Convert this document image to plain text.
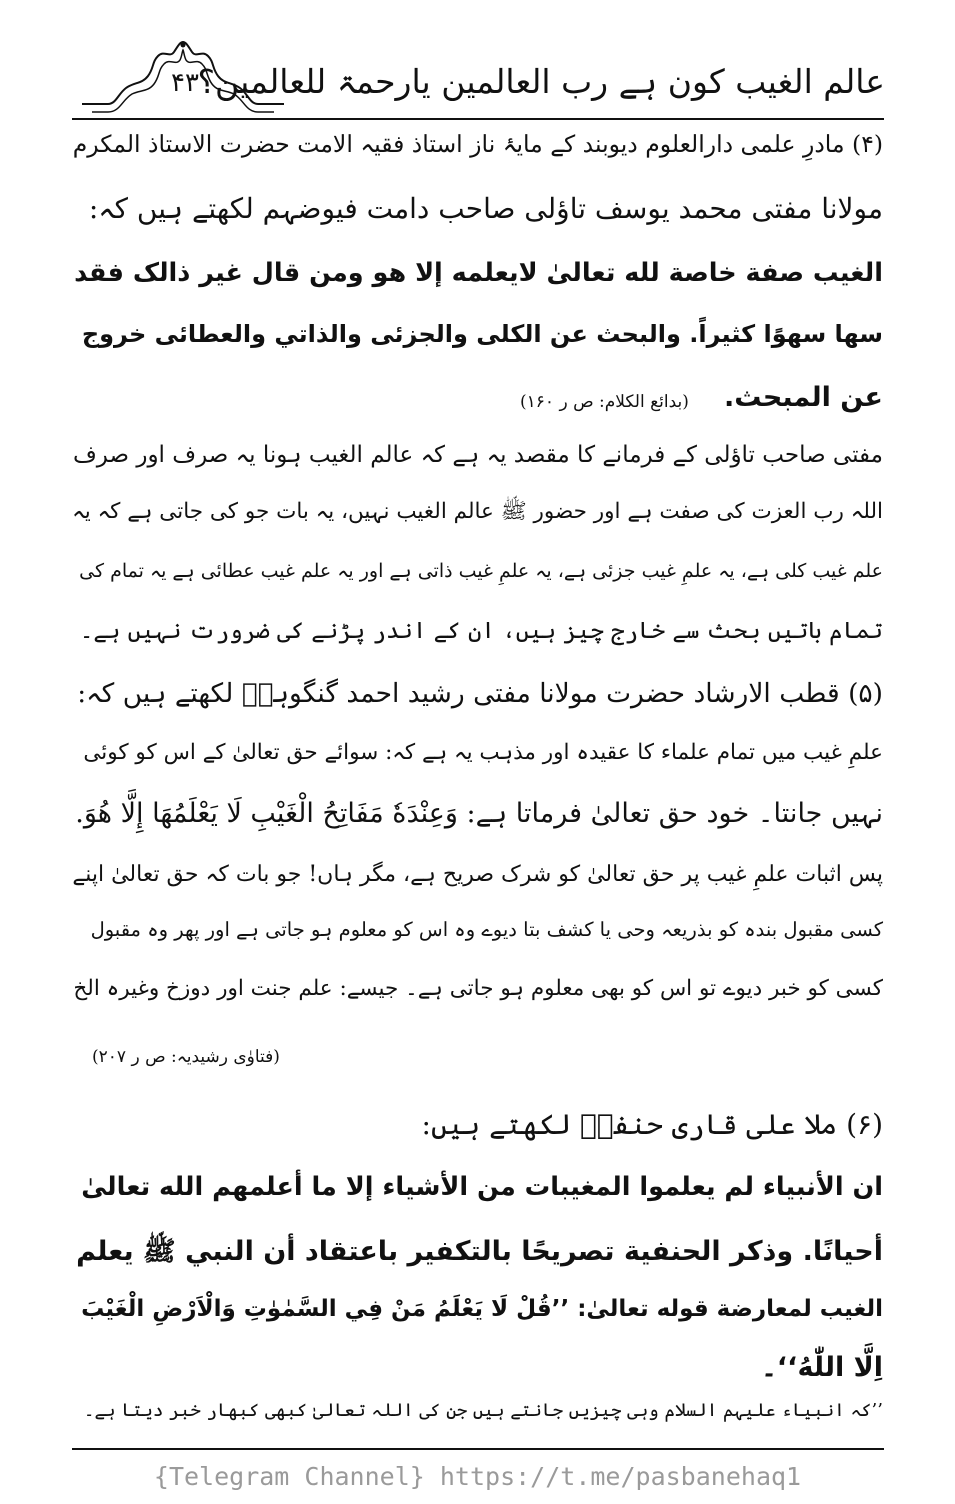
۴۳
عالم الغیب کون ہے رب العالمین یارحمۃ للعالمین؟
(۴) مادرِ علمی دارالعلوم دیوبند کے مایۂ ناز استاذ فقیہ الامت حضرت الاستاذ المکرم
مولانا مفتی محمد یوسف تاؤلی صاحب دامت فیوضہم لکھتے ہیں کہ:
الغیب صفة خاصة لله تعالیٰ لایعلمه إلا هو ومن قال غیر ذالک فقد
سها سهوًا کثیراً. والبحث عن الکلی والجزئی والذاتي والعطائی خروج
عن المبحث.
(بدائع الکلام: ص ر ۱۶۰)
مفتی صاحب تاؤلی کے فرمانے کا مقصد یہ ہے کہ عالم الغیب ہونا یہ صرف اور صرف
اللہ رب العزت کی صفت ہے اور حضور ﷺ عالم الغیب نہیں، یہ بات جو کی جاتی ہے کہ یہ
علم غیب کلی ہے، یہ علمِ غیب جزئی ہے، یہ علمِ غیب ذاتی ہے اور یہ علم غیب عطائی ہے یہ تمام کی
تمام باتیں بحث سے خارج چیز ہیں، ان کے اندر پڑنے کی ضرورت نہیں ہے۔
(۵) قطب الارشاد حضرت مولانا مفتی رشید احمد گنگوہیؒ لکھتے ہیں کہ:
علمِ غیب میں تمام علماء کا عقیدہ اور مذہب یہ ہے کہ: سوائے حق تعالیٰ کے اس کو کوئی
نہیں جانتا۔ خود حق تعالیٰ فرماتا ہے: وَعِنْدَهٗ مَفَاتِحُ الْغَيْبِ لَا يَعْلَمُهَا إِلَّا هُوَ.
پس اثبات علمِ غیب پر حق تعالیٰ کو شرک صریح ہے، مگر ہاں! جو بات کہ حق تعالیٰ اپنے
کسی مقبول بندہ کو بذریعہ وحی یا کشف بتا دیوے وہ اس کو معلوم ہو جاتی ہے اور پھر وہ مقبول
کسی کو خبر دیوے تو اس کو بھی معلوم ہو جاتی ہے۔ جیسے: علم جنت اور دوزخ وغیرہ الخ
(فتاوٰی رشیدیہ: ص ر ۲۰۷)
(۶) ملا علی قاری حنفیؒ لکھتے ہیں:
ان الأنبیاء لم یعلموا المغیبات من الأشیاء إلا ما أعلمهم الله تعالیٰ
أحیانًا. وذکر الحنفیة تصریحًا بالتکفیر باعتقاد أن النبي ﷺ یعلم
الغیب لمعارضة قوله تعالیٰ: ’’قُلْ لَا يَعْلَمُ مَنْ فِي السَّمٰوٰتِ وَالْاَرْضِ الْغَيْبَ
اِلَّا اللّٰهُ‘‘۔
’’کہ انبیاء علیہم السلام وہی چیزیں جانتے ہیں جن کی اللہ تعالیٰ کبھی کبھار خبر دیتا ہے۔
{Telegram Channel} https://t.me/pasbanehaq1
